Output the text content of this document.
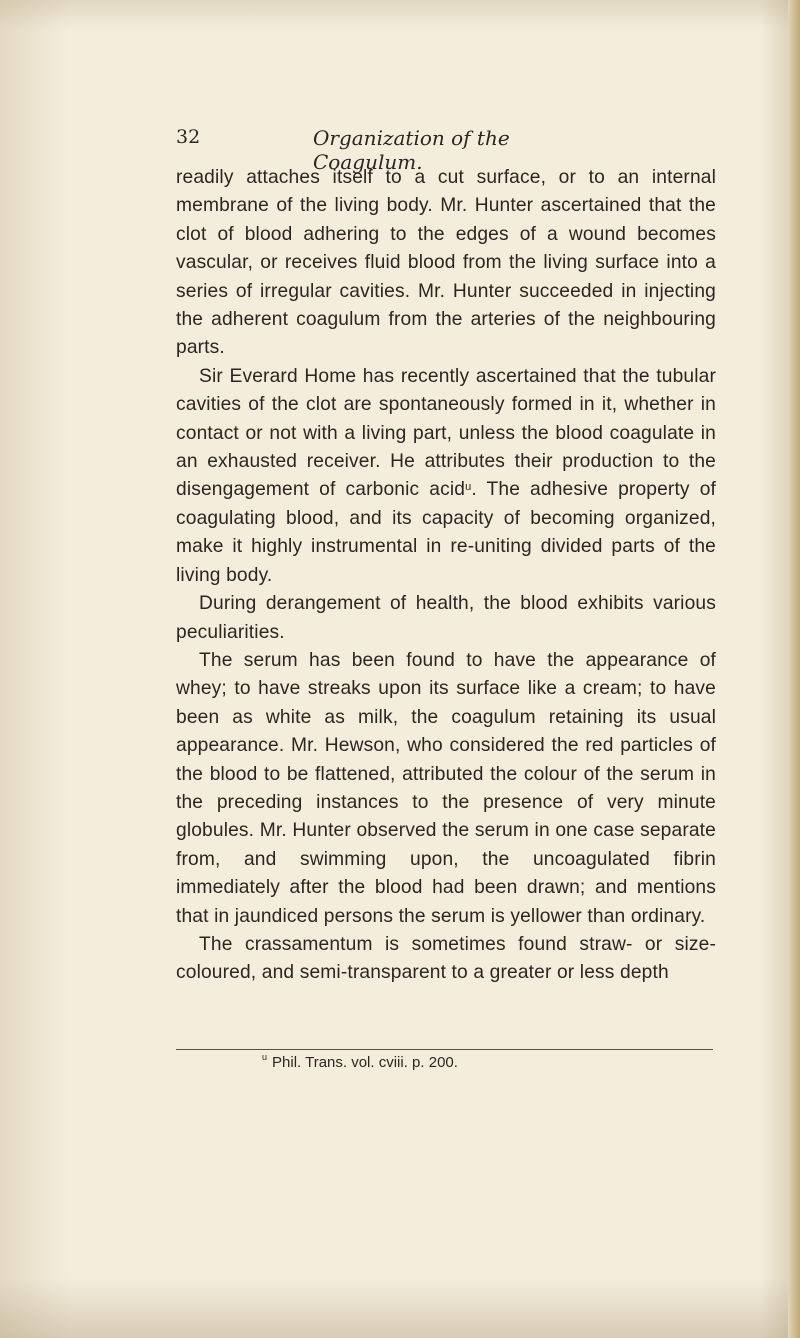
32	Organization of the Coagulum.

readily attaches itself to a cut surface, or to an internal membrane of the living body. Mr. Hunter ascertained that the clot of blood adhering to the edges of a wound becomes vascular, or receives fluid blood from the living surface into a series of irregular cavities. Mr. Hunter succeeded in injecting the adherent coagulum from the arteries of the neighbouring parts.

Sir Everard Home has recently ascertained that the tubular cavities of the clot are spontaneously formed in it, whether in contact or not with a living part, unless the blood coagulate in an exhausted receiver. He attributes their production to the disengagement of carbonic acid$^u$. The adhesive property of coagulating blood, and its capacity of becoming organized, make it highly instrumental in re-uniting divided parts of the living body.

During derangement of health, the blood exhibits various peculiarities.

The serum has been found to have the appearance of whey; to have streaks upon its surface like a cream; to have been as white as milk, the coagulum retaining its usual appearance. Mr. Hewson, who considered the red particles of the blood to be flattened, attributed the colour of the serum in the preceding instances to the presence of very minute globules. Mr. Hunter observed the serum in one case separate from, and swimming upon, the uncoagulated fibrin immediately after the blood had been drawn; and mentions that in jaundiced persons the serum is yellower than ordinary.

The crassamentum is sometimes found straw- or size-coloured, and semi-transparent to a greater or less depth

$^u$ Phil. Trans. vol. cviii. p. 200.
